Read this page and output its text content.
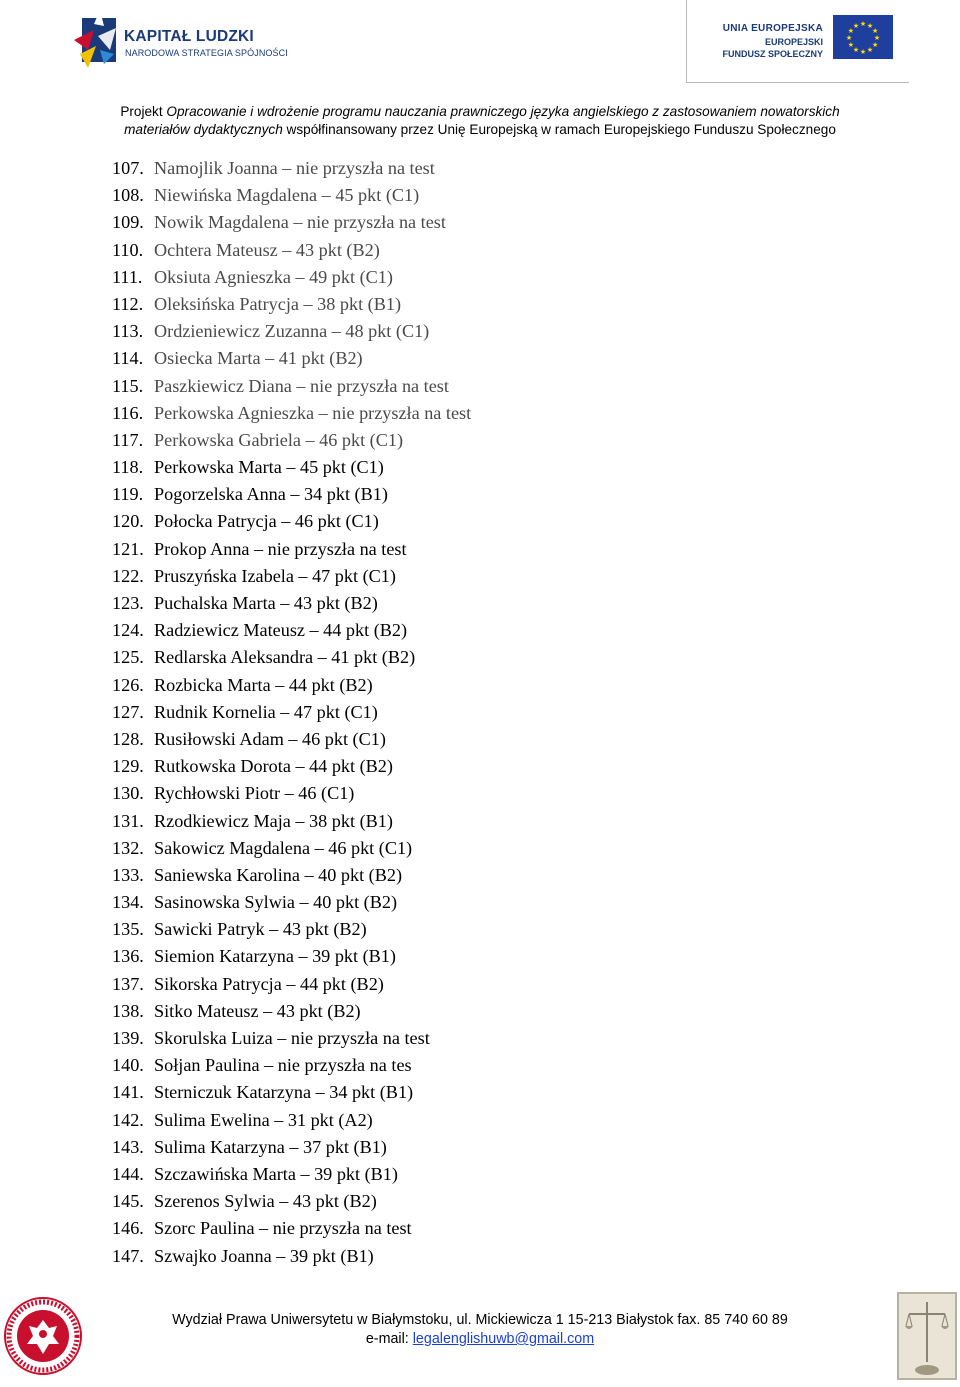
KAPITAŁ LUDZKI
NARODOWA STRATEGIA SPÓJNOŚCI
UNIA EUROPEJSKA
EUROPEJSKI
FUNDUSZ SPOŁECZNY
★
★
★
★
★
★
★
★
★ ★ ★
★
Projekt Opracowanie i wdrożenie programu nauczania prawniczego języka angielskiego z zastosowaniem nowatorskich
materiałów dydaktycznych współfinansowany przez Unię Europejską w ramach Europejskiego Funduszu Społecznego
107. Namojlik Joanna – nie przyszła na test
108. Niewińska Magdalena – 45 pkt (C1)
109. Nowik Magdalena – nie przyszła na test
110. Ochtera Mateusz – 43 pkt (B2)
111. Oksiuta Agnieszka – 49 pkt (C1)
112. Oleksińska Patrycja – 38 pkt (B1)
113. Ordzieniewicz Zuzanna – 48 pkt (C1)
114. Osiecka Marta – 41 pkt (B2)
115. Paszkiewicz Diana – nie przyszła na test
116. Perkowska Agnieszka – nie przyszła na test
117. Perkowska Gabriela – 46 pkt (C1)
118. Perkowska Marta – 45 pkt (C1)
119. Pogorzelska Anna – 34 pkt (B1)
120. Połocka Patrycja – 46 pkt (C1)
121. Prokop Anna – nie przyszła na test
122. Pruszyńska Izabela – 47 pkt (C1)
123. Puchalska Marta – 43 pkt (B2)
124. Radziewicz Mateusz – 44 pkt (B2)
125. Redlarska Aleksandra – 41 pkt (B2)
126. Rozbicka Marta – 44 pkt (B2)
127. Rudnik Kornelia – 47 pkt (C1)
128. Rusiłowski Adam – 46 pkt (C1)
129. Rutkowska Dorota – 44 pkt (B2)
130. Rychłowski Piotr – 46 (C1)
131. Rzodkiewicz Maja – 38 pkt (B1)
132. Sakowicz Magdalena – 46 pkt (C1)
133. Saniewska Karolina – 40 pkt (B2)
134. Sasinowska Sylwia – 40 pkt (B2)
135. Sawicki Patryk – 43 pkt (B2)
136. Siemion Katarzyna – 39 pkt (B1)
137. Sikorska Patrycja – 44 pkt (B2)
138. Sitko Mateusz – 43 pkt (B2)
139. Skorulska Luiza – nie przyszła na test
140. Sołjan Paulina – nie przyszła na tes
141. Sterniczuk Katarzyna – 34 pkt (B1)
142. Sulima Ewelina – 31 pkt (A2)
143. Sulima Katarzyna – 37 pkt (B1)
144. Szczawińska Marta – 39 pkt (B1)
145. Szerenos Sylwia – 43 pkt (B2)
146. Szorc Paulina – nie przyszła na test
147. Szwajko Joanna – 39 pkt (B1)
Wydział Prawa Uniwersytetu w Białymstoku, ul. Mickiewicza 1 15-213 Białystok fax. 85 740 60 89
e-mail: legalenglishuwb@gmail.com
